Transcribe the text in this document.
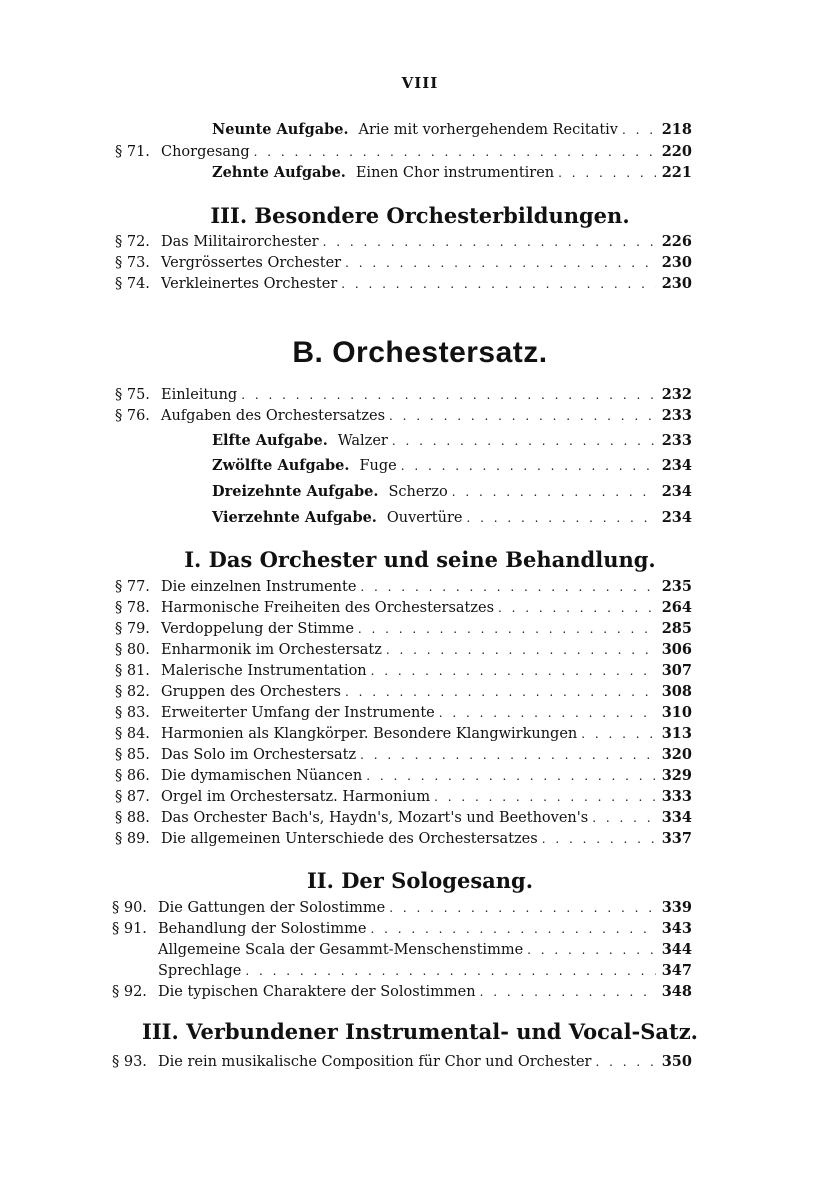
VIII
Neunte Aufgabe. Arie mit vorhergehendem Recitativ . . .	218
§ 71. Chorgesang . . .	220
Zehnte Aufgabe. Einen Chor instrumentiren . . .	221
III. Besondere Orchesterbildungen.
§ 72. Das Militairorchester . . .	226
§ 73. Vergrössertes Orchester . . .	230
§ 74. Verkleinertes Orchester . . .	230
B. Orchestersatz.
§ 75. Einleitung . . .	232
§ 76. Aufgaben des Orchestersatzes . . .	233
Elfte Aufgabe. Walzer . . .	233
Zwölfte Aufgabe. Fuge . . .	234
Dreizehnte Aufgabe. Scherzo . . .	234
Vierzehnte Aufgabe. Ouvertüre . . .	234
I. Das Orchester und seine Behandlung.
§ 77. Die einzelnen Instrumente . . .	235
§ 78. Harmonische Freiheiten des Orchestersatzes . . .	264
§ 79. Verdoppelung der Stimme . . .	285
§ 80. Enharmonik im Orchestersatz . . .	306
§ 81. Malerische Instrumentation . . .	307
§ 82. Gruppen des Orchesters . . .	308
§ 83. Erweiterter Umfang der Instrumente . . .	310
§ 84. Harmonien als Klangkörper. Besondere Klangwirkungen . . .	313
§ 85. Das Solo im Orchestersatz . . .	320
§ 86. Die dymamischen Nüancen . . .	329
§ 87. Orgel im Orchestersatz. Harmonium . . .	333
§ 88. Das Orchester Bach's, Haydn's, Mozart's und Beethoven's . . .	334
§ 89. Die allgemeinen Unterschiede des Orchestersatzes . . .	337
II. Der Sologesang.
§ 90. Die Gattungen der Solostimme . . .	339
§ 91. Behandlung der Solostimme . . .	343
Allgemeine Scala der Gesammt-Menschenstimme . . .	344
Sprechlage . . .	347
§ 92. Die typischen Charaktere der Solostimmen . . .	348
III. Verbundener Instrumental- und Vocal-Satz.
§ 93. Die rein musikalische Composition für Chor und Orchester . . .	350
